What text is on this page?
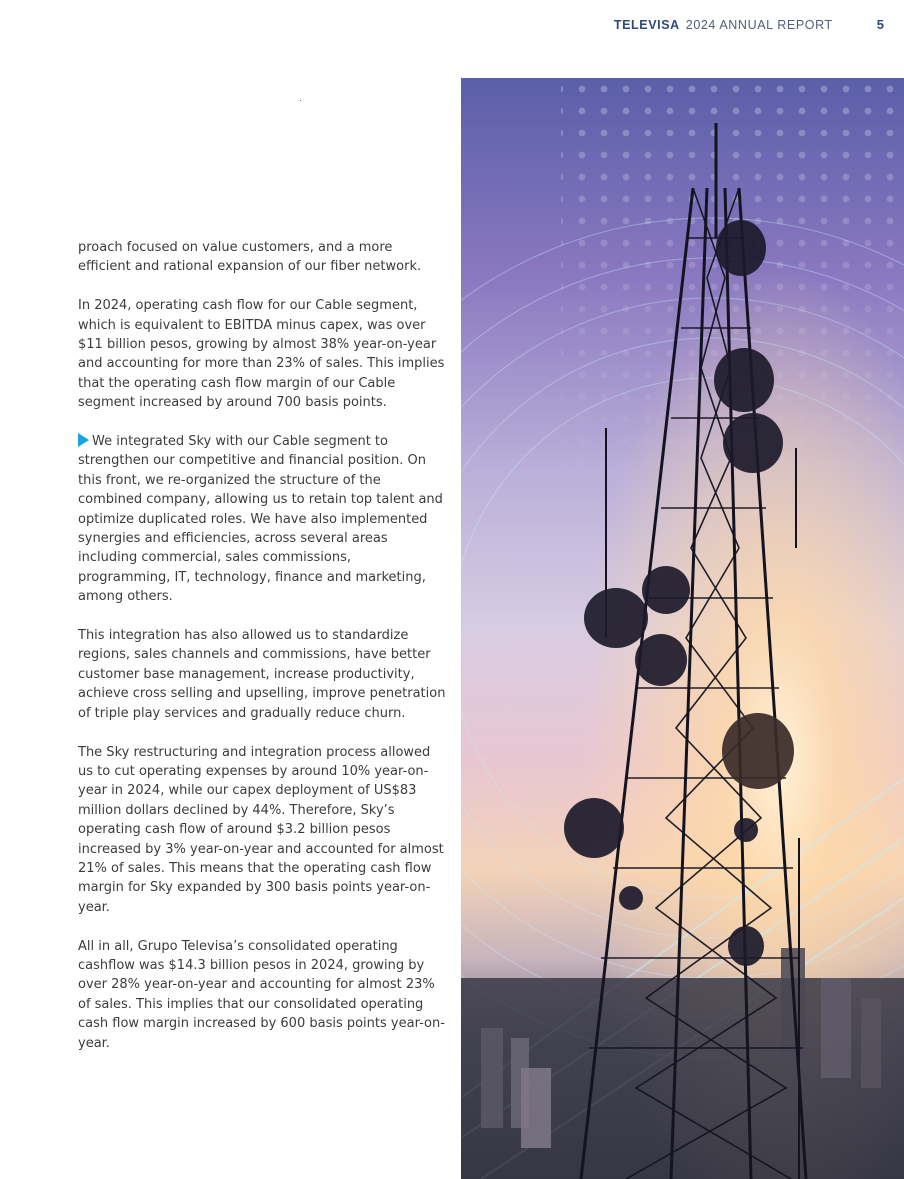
TELEVISA 2024 ANNUAL REPORT	5

proach focused on value customers, and a more efficient and rational expansion of our fiber network.

In 2024, operating cash flow for our Cable segment, which is equivalent to EBITDA minus capex, was over $11 billion pesos, growing by almost 38% year-on-year and accounting for more than 23% of sales. This implies that the operating cash flow margin of our Cable segment increased by around 700 basis points.

We integrated Sky with our Cable segment to strengthen our competitive and financial position. On this front, we re-organized the structure of the combined company, allowing us to retain top talent and optimize duplicated roles. We have also implemented synergies and efficiencies, across several areas including commercial, sales commissions, programming, IT, technology, finance and marketing, among others.

This integration has also allowed us to standardize regions, sales channels and commissions, have better customer base management, increase productivity, achieve cross selling and upselling, improve penetration of triple play services and gradually reduce churn.

The Sky restructuring and integration process allowed us to cut operating expenses by around 10% year-on-year in 2024, while our capex deployment of US$83 million dollars declined by 44%. Therefore, Sky’s operating cash flow of around $3.2 billion pesos increased by 3% year-on-year and accounted for almost 21% of sales. This means that the operating cash flow margin for Sky expanded by 300 basis points year-on-year.

All in all, Grupo Televisa’s consolidated operating cashflow was $14.3 billion pesos in 2024, growing by over 28% year-on-year and accounting for almost 23% of sales. This implies that our consolidated operating cash flow margin increased by 600 basis points year-on-year.
